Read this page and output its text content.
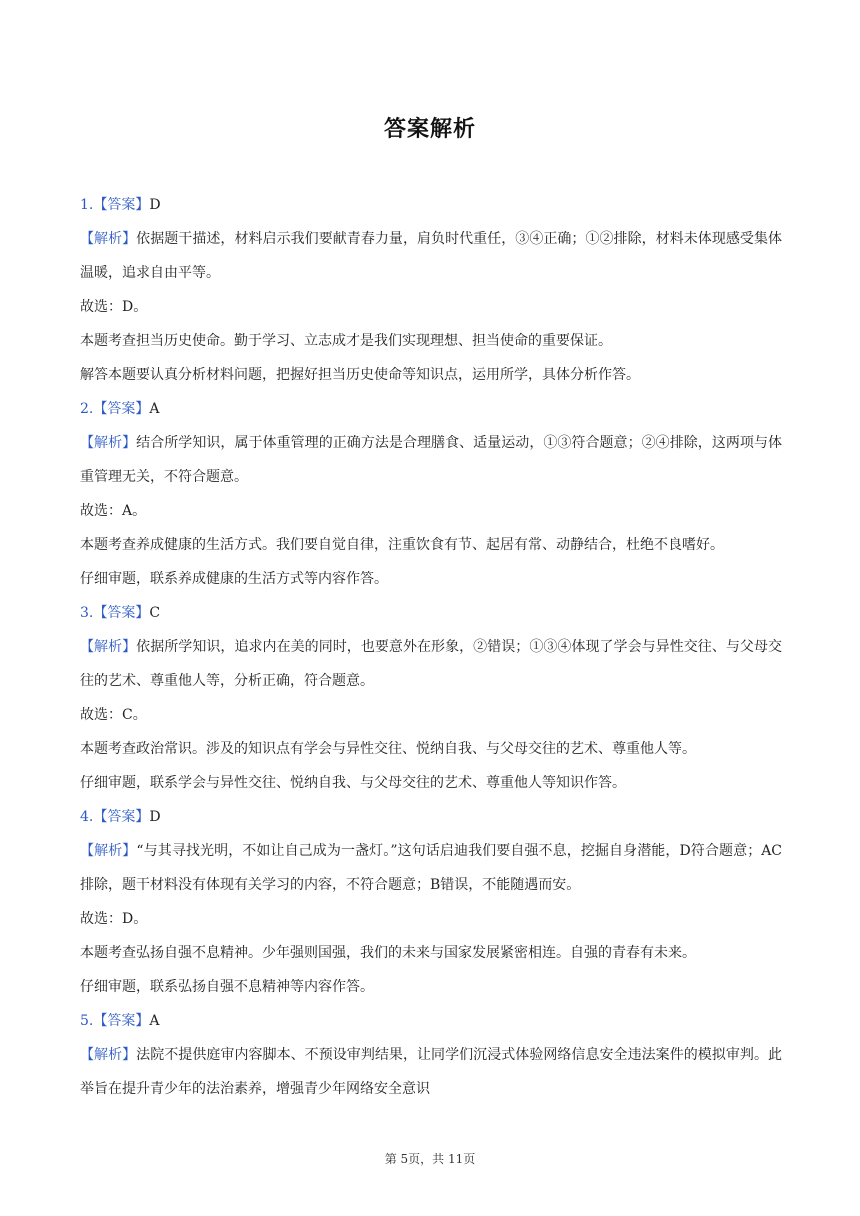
答案解析
1.【答案】D
【解析】依据题干描述，材料启示我们要献青春力量，肩负时代重任，③④正确；①②排除，材料未体现感受集体温暖，追求自由平等。
故选：D。
本题考查担当历史使命。勤于学习、立志成才是我们实现理想、担当使命的重要保证。
解答本题要认真分析材料问题，把握好担当历史使命等知识点，运用所学，具体分析作答。
2.【答案】A
【解析】结合所学知识，属于体重管理的正确方法是合理膳食、适量运动，①③符合题意；②④排除，这两项与体重管理无关，不符合题意。
故选：A。
本题考查养成健康的生活方式。我们要自觉自律，注重饮食有节、起居有常、动静结合，杜绝不良嗜好。
仔细审题，联系养成健康的生活方式等内容作答。
3.【答案】C
【解析】依据所学知识，追求内在美的同时，也要意外在形象，②错误；①③④体现了学会与异性交往、与父母交往的艺术、尊重他人等，分析正确，符合题意。
故选：C。
本题考查政治常识。涉及的知识点有学会与异性交往、悦纳自我、与父母交往的艺术、尊重他人等。
仔细审题，联系学会与异性交往、悦纳自我、与父母交往的艺术、尊重他人等知识作答。
4.【答案】D
【解析】“与其寻找光明，不如让自己成为一盏灯。”这句话启迪我们要自强不息，挖掘自身潜能，D符合题意；AC排除，题干材料没有体现有关学习的内容，不符合题意；B错误，不能随遇而安。
故选：D。
本题考查弘扬自强不息精神。少年强则国强，我们的未来与国家发展紧密相连。自强的青春有未来。
仔细审题，联系弘扬自强不息精神等内容作答。
5.【答案】A
【解析】法院不提供庭审内容脚本、不预设审判结果，让同学们沉浸式体验网络信息安全违法案件的模拟审判。此举旨在提升青少年的法治素养，增强青少年网络安全意识
第 5页，共 11页
